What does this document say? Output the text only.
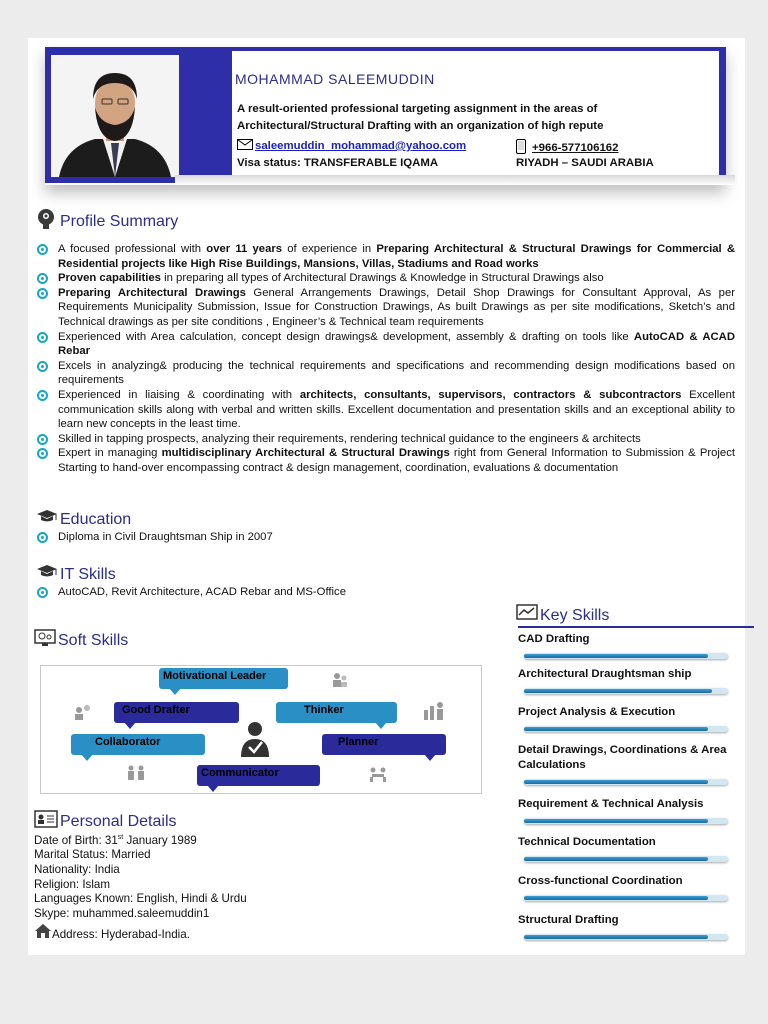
MOHAMMAD SALEEMUDDIN
A result-oriented professional targeting assignment in the areas of
Architectural/Structural Drafting with an organization of high repute
saleemuddin_mohammad@yahoo.com	+966-577106162
Visa status: TRANSFERABLE IQAMA	RIYADH – SAUDI ARABIA
Profile Summary
A focused professional with over 11 years of experience in Preparing Architectural & Structural Drawings for Commercial & Residential projects like High Rise Buildings, Mansions, Villas, Stadiums and Road works
Proven capabilities in preparing all types of Architectural Drawings & Knowledge in Structural Drawings also
Preparing Architectural Drawings General Arrangements Drawings, Detail Shop Drawings for Consultant Approval, As per Requirements Municipality Submission, Issue for Construction Drawings, As built Drawings as per site modifications, Sketch’s and Technical drawings as per site conditions , Engineer’s & Technical team requirements
Experienced with Area calculation, concept design drawings& development, assembly & drafting on tools like AutoCAD & ACAD Rebar
Excels in analyzing& producing the technical requirements and specifications and recommending design modifications based on requirements
Experienced in liaising & coordinating with architects, consultants, supervisors, contractors & subcontractors Excellent communication skills along with verbal and written skills. Excellent documentation and presentation skills and an exceptional ability to learn new concepts in the least time.
Skilled in tapping prospects, analyzing their requirements, rendering technical guidance to the engineers & architects
Expert in managing multidisciplinary Architectural & Structural Drawings right from General Information to Submission & Project Starting to hand-over encompassing contract & design management, coordination, evaluations & documentation
Education
Diploma in Civil Draughtsman Ship in 2007
IT Skills
AutoCAD, Revit Architecture, ACAD Rebar and MS-Office
Soft Skills
Motivational Leader
Good Drafter	Thinker
Collaborator	Planner
Communicator
Key Skills
CAD Drafting
Architectural Draughtsman ship
Project Analysis & Execution
Detail Drawings, Coordinations & Area Calculations
Requirement & Technical Analysis
Technical Documentation
Cross-functional Coordination
Structural Drafting
Personal Details
Date of Birth: 31st January 1989
Marital Status: Married
Nationality: India
Religion: Islam
Languages Known: English, Hindi & Urdu
Skype: muhammed.saleemuddin1
Address: Hyderabad-India.
